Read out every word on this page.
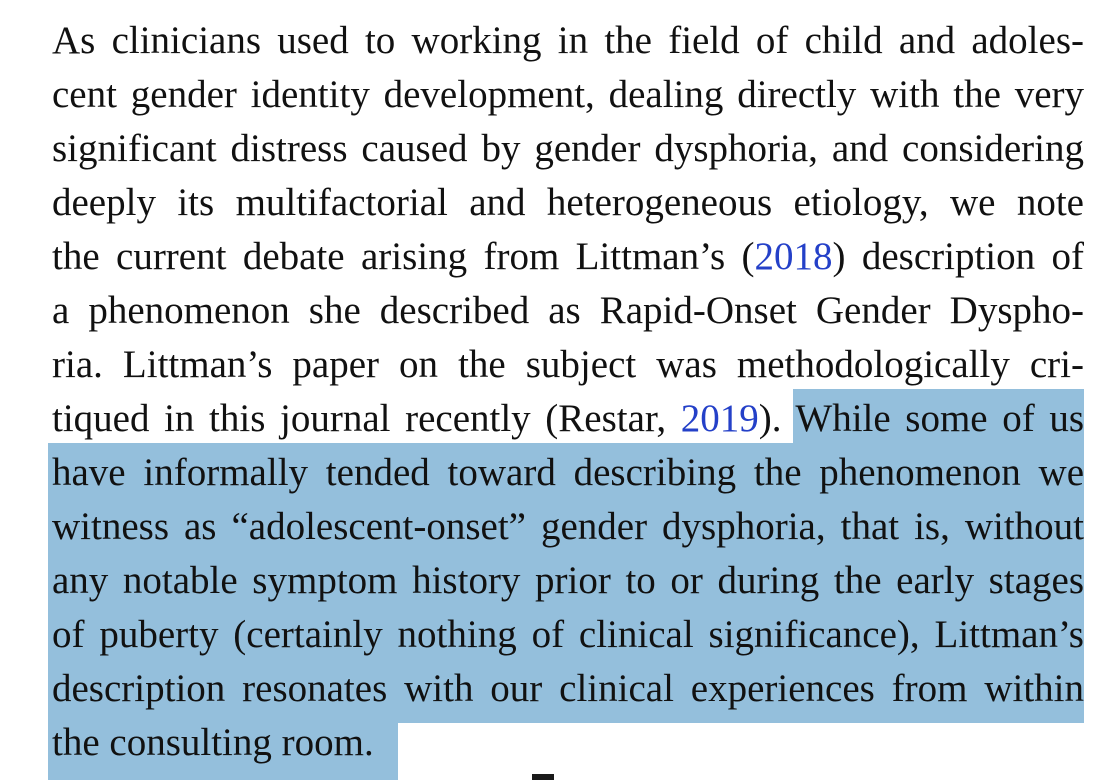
As clinicians used to working in the field of child and adoles-
cent gender identity development, dealing directly with the very
significant distress caused by gender dysphoria, and considering
deeply its multifactorial and heterogeneous etiology, we note
the current debate arising from Littman’s (2018) description of
a phenomenon she described as Rapid-Onset Gender Dyspho-
ria. Littman’s paper on the subject was methodologically cri-
tiqued in this journal recently (Restar, 2019). While some of us
have informally tended toward describing the phenomenon we
witness as “adolescent-onset” gender dysphoria, that is, without
any notable symptom history prior to or during the early stages
of puberty (certainly nothing of clinical significance), Littman’s
description resonates with our clinical experiences from within
the consulting room.
